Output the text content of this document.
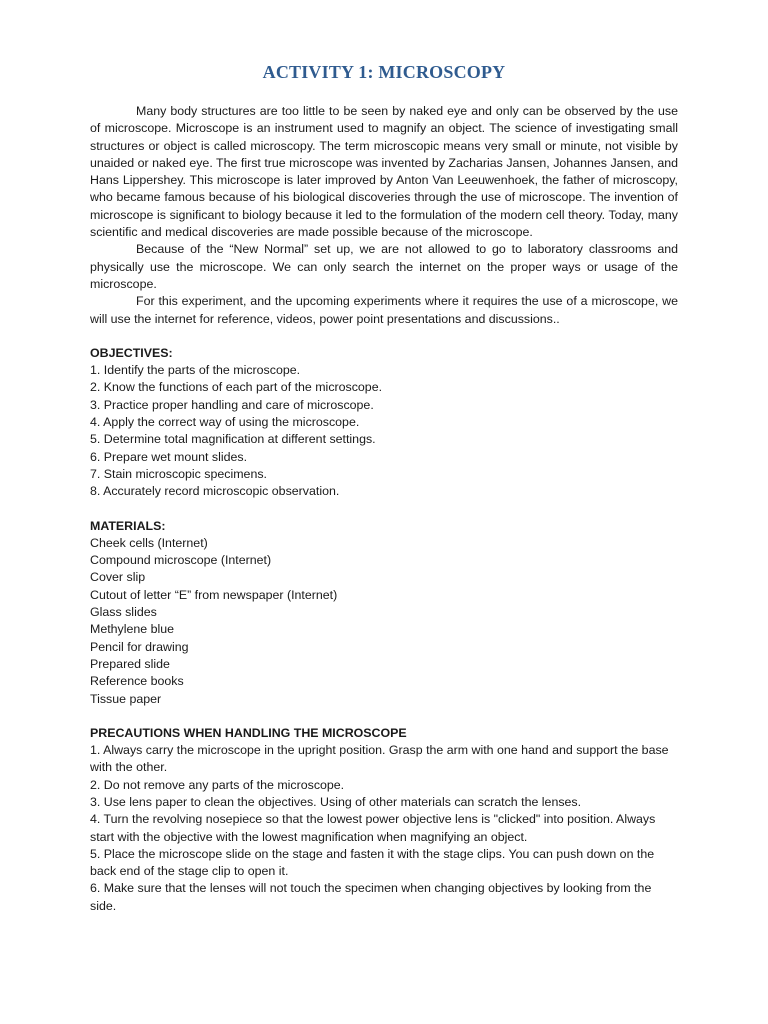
ACTIVITY 1: MICROSCOPY

Many body structures are too little to be seen by naked eye and only can be observed by the use of microscope. Microscope is an instrument used to magnify an object. The science of investigating small structures or object is called microscopy. The term microscopic means very small or minute, not visible by unaided or naked eye. The first true microscope was invented by Zacharias Jansen, Johannes Jansen, and Hans Lippershey. This microscope is later improved by Anton Van Leeuwenhoek, the father of microscopy, who became famous because of his biological discoveries through the use of microscope. The invention of microscope is significant to biology because it led to the formulation of the modern cell theory. Today, many scientific and medical discoveries are made possible because of the microscope.

Because of the “New Normal” set up, we are not allowed to go to laboratory classrooms and physically use the microscope. We can only search the internet on the proper ways or usage of the microscope.

For this experiment, and the upcoming experiments where it requires the use of a microscope, we will use the internet for reference, videos, power point presentations and discussions..

OBJECTIVES:

1. Identify the parts of the microscope.
2. Know the functions of each part of the microscope.
3. Practice proper handling and care of microscope.
4. Apply the correct way of using the microscope.
5. Determine total magnification at different settings.
6. Prepare wet mount slides.
7. Stain microscopic specimens.
8. Accurately record microscopic observation.

MATERIALS:

Cheek cells (Internet)
Compound microscope (Internet)
Cover slip
Cutout of letter “E” from newspaper (Internet)
Glass slides
Methylene blue
Pencil for drawing
Prepared slide
Reference books
Tissue paper

PRECAUTIONS WHEN HANDLING THE MICROSCOPE

1. Always carry the microscope in the upright position. Grasp the arm with one hand and support the base with the other.
2. Do not remove any parts of the microscope.
3. Use lens paper to clean the objectives. Using of other materials can scratch the lenses.
4. Turn the revolving nosepiece so that the lowest power objective lens is "clicked" into position. Always start with the objective with the lowest magnification when magnifying an object.
5. Place the microscope slide on the stage and fasten it with the stage clips. You can push down on the back end of the stage clip to open it.
6. Make sure that the lenses will not touch the specimen when changing objectives by looking from the side.
